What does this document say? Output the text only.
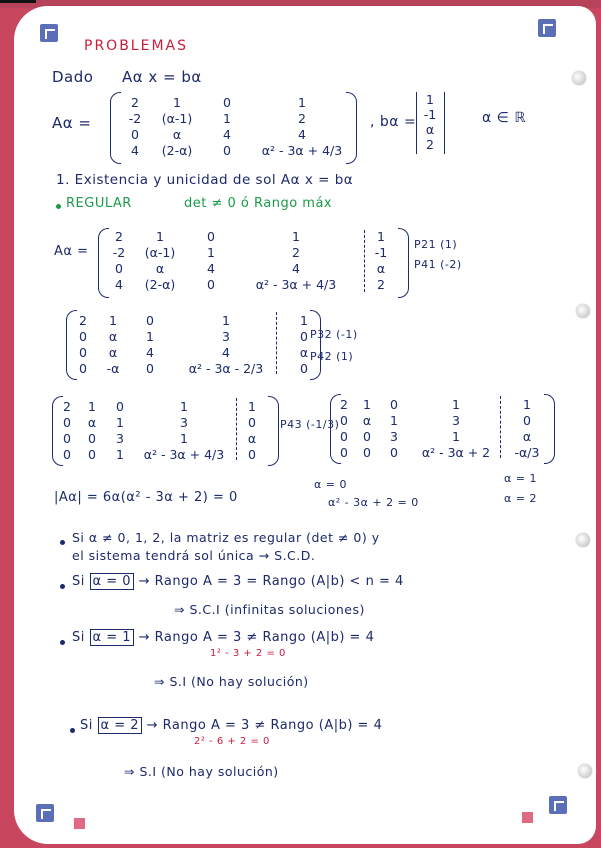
PROBLEMAS
Dado Aα x = bα
Aα =
2	1	0	1
-2	(α-1)	1	2
0	α	4	4
4	(2-α)	0	α² - 3α + 4/3
, bα =
1
-1
α
2
α ∈ ℝ
1. Existencia y unicidad de sol Aα x = bα
REGULAR	det ≠ 0 ó Rango máx
Aα =
2	1	0	1	1
-2	(α-1)	1	2	-1
0	α	4	4	α
4	(2-α)	0	α² - 3α + 4/3	2
P21 (1)
P41 (-2)
2	1	0	1	1
0	α	1	3	0
0	α	4	4	α
0	-α	0	α² - 3α - 2/3	0
P32 (-1)
P42 (1)
2	1	0	1	1
0	α	1	3	0
0	0	3	1	α
0	0	1	α² - 3α + 4/3	0
P43 (-1/3)
2	1	0	1	1
0	α	1	3	0
0	0	3	1	α
0	0	0	α² - 3α + 2	-α/3
|Aα| = 6α(α² - 3α + 2) = 0
α = 0
α² - 3α + 2 = 0
α = 1
α = 2
Si α ≠ 0, 1, 2, la matriz es regular (det ≠ 0) y
el sistema tendrá sol única → S.C.D.
Si α = 0 → Rango A = 3 = Rango (A|b) < n = 4
⇒ S.C.I (infinitas soluciones)
Si α = 1 → Rango A = 3 ≠ Rango (A|b) = 4
1² - 3 + 2 = 0
⇒ S.I (No hay solución)
Si α = 2 → Rango A = 3 ≠ Rango (A|b) = 4
2² - 6 + 2 = 0
⇒ S.I (No hay solución)
